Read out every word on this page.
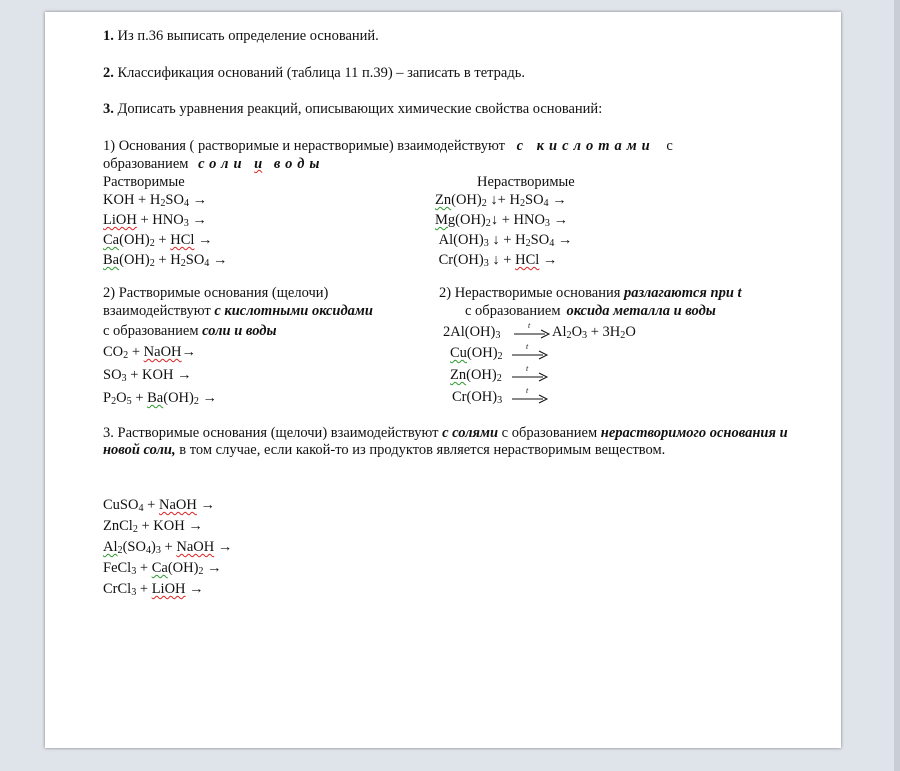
1. Из п.36 выписать определение оснований.
2. Классификация оснований (таблица 11 п.39) – записать в тетрадь.
3. Дописать уравнения реакций, описывающих химические свойства оснований:
1) Основания ( растворимые и нерастворимые) взаимодействуют с кислотами с
образованием соли и воды
Растворимые	Нерастворимые
KOH + $H_2SO_4$ →
LiOH + $HNO_3$ →
$Ca(OH)_2$ + HCl →
$Ba(OH)_2 + H_2SO_4$ →
$Zn(OH)_2$ ↓+ $H_2SO_4$ →
$Mg(OH)_2↓ + HNO_3$ →
$Al(OH)_3$ ↓ + $H_2SO_4$ →
$Cr(OH)_3$ ↓ + HCl →
2) Растворимые основания (щелочи)
взаимодействуют с кислотными оксидами
с образованием соли и воды
2) Нерастворимые основания разлагаются при t
с образованием оксида металла и воды
$CO_2$ + NaOH→
$SO_3$ + KOH →
$P_2O_5 + Ba(OH)_2$ →
$2Al(OH)_3$
t $Al_2O_3 + 3H_2O$
$Cu(OH)_2$
t
$Zn(OH)_2$
t
$Cr(OH)_3$
t
3. Растворимые основания (щелочи) взаимодействуют с солями с образованием нерастворимого основания и новой соли, в том случае, если какой-то из продуктов является нерастворимым веществом.
CuSO$_4$ + NaOH →
ZnCl$_2$ + KOH →
$Al_2(SO_4)_3$ + NaOH →
FeCl$_3$ + $Ca(OH)_2$ →
CrCl$_3$ + LiOH →
